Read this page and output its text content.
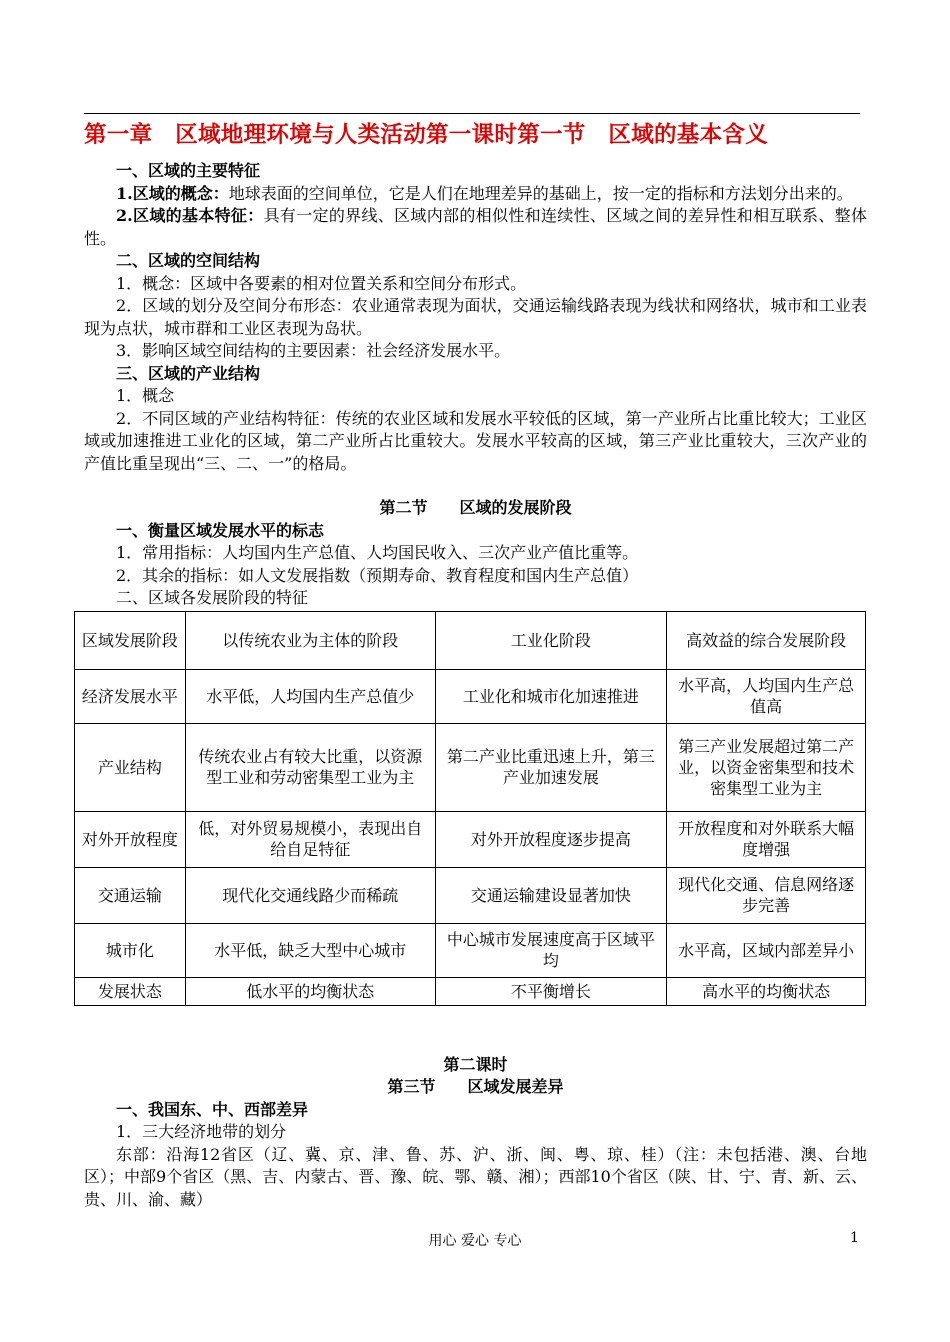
第一章　区域地理环境与人类活动第一课时第一节　区域的基本含义

一、区域的主要特征

1.区域的概念：地球表面的空间单位，它是人们在地理差异的基础上，按一定的指标和方法划分出来的。

2.区域的基本特征：具有一定的界线、区域内部的相似性和连续性、区域之间的差异性和相互联系、整体性。

二、区域的空间结构

1．概念：区域中各要素的相对位置关系和空间分布形式。

2．区域的划分及空间分布形态：农业通常表现为面状，交通运输线路表现为线状和网络状，城市和工业表现为点状，城市群和工业区表现为岛状。

3．影响区域空间结构的主要因素：社会经济发展水平。

三、区域的产业结构

1．概念

2．不同区域的产业结构特征：传统的农业区域和发展水平较低的区域，第一产业所占比重比较大；工业区域或加速推进工业化的区域，第二产业所占比重较大。发展水平较高的区域，第三产业比重较大，三次产业的产值比重呈现出“三、二、一”的格局。

第二节　　区域的发展阶段

一、衡量区域发展水平的标志

1．常用指标：人均国内生产总值、人均国民收入、三次产业产值比重等。

2．其余的指标：如人文发展指数（预期寿命、教育程度和国内生产总值）

二、区域各发展阶段的特征

区域发展阶段	以传统农业为主体的阶段	工业化阶段	高效益的综合发展阶段
经济发展水平	水平低，人均国内生产总值少	工业化和城市化加速推进	水平高，人均国内生产总值高
产业结构	传统农业占有较大比重，以资源型工业和劳动密集型工业为主	第二产业比重迅速上升，第三产业加速发展	第三产业发展超过第二产业，以资金密集型和技术密集型工业为主
对外开放程度	低，对外贸易规模小，表现出自给自足特征	对外开放程度逐步提高	开放程度和对外联系大幅度增强
交通运输	现代化交通线路少而稀疏	交通运输建设显著加快	现代化交通、信息网络逐步完善
城市化	水平低，缺乏大型中心城市	中心城市发展速度高于区域平均	水平高，区域内部差异小
发展状态	低水平的均衡状态	不平衡增长	高水平的均衡状态

第二课时

第三节　　区域发展差异

一、我国东、中、西部差异

1．三大经济地带的划分

东部：沿海12省区（辽、冀、京、津、鲁、苏、沪、浙、闽、粤、琼、桂）（注：未包括港、澳、台地区）；中部9个省区（黑、吉、内蒙古、晋、豫、皖、鄂、赣、湘）；西部10个省区（陕、甘、宁、青、新、云、贵、川、渝、藏）

用心 爱心 专心	1
